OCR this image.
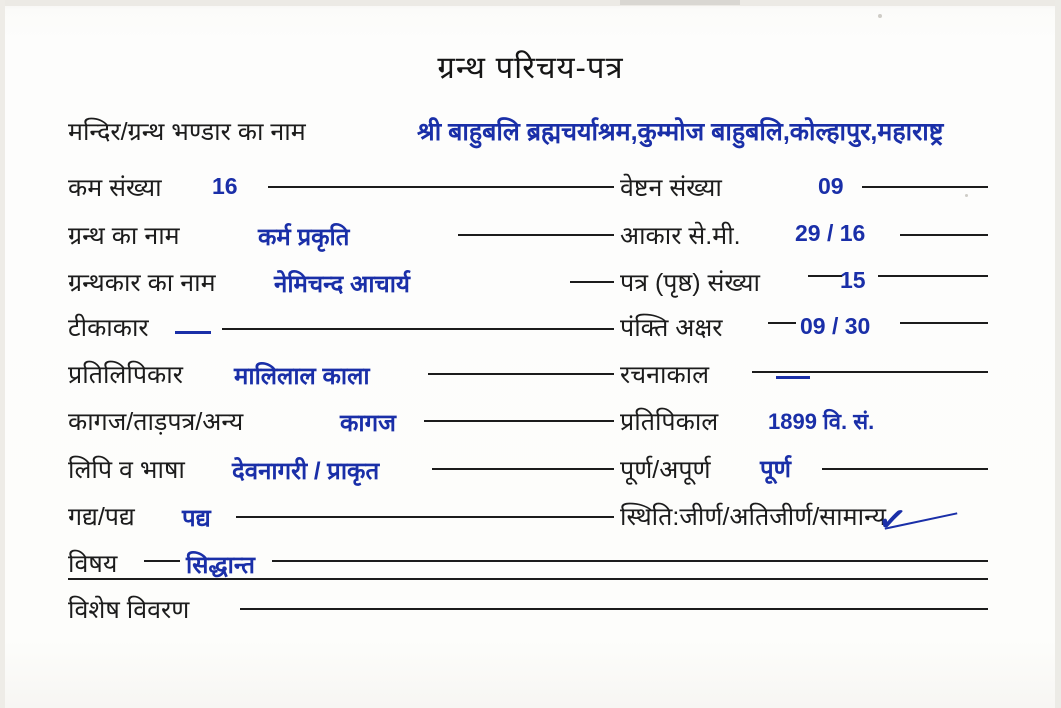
ग्रन्थ परिचय-पत्र
मन्दिर/ग्रन्थ भण्डार का नाम	श्री बाहुबलि ब्रह्मचर्याश्रम,कुम्मोज बाहुबलि,कोल्हापुर,महाराष्ट्र
कम संख्या 16	वेष्टन संख्या	09
ग्रन्थ का नाम	कर्म प्रकृति	आकार से.मी. 29 / 16
ग्रन्थकार का नाम नेमिचन्द आचार्य	पत्र (पृष्ठ) संख्या	15
टीकाकार	पंक्ति अक्षर	09 / 30
प्रतिलिपिकार मालिलाल काला	रचनाकाल
कागज/ताड़पत्र/अन्य	कागज	प्रतिपिकाल 1899 वि. सं.
लिपि व भाषा देवनागरी / प्राकृत	पूर्ण/अपूर्ण पूर्ण
गद्य/पद्य पद्य	स्थिति:जीर्ण/अतिजीर्ण/सामान्य
✓
विषय	सिद्धान्त
विशेष विवरण
